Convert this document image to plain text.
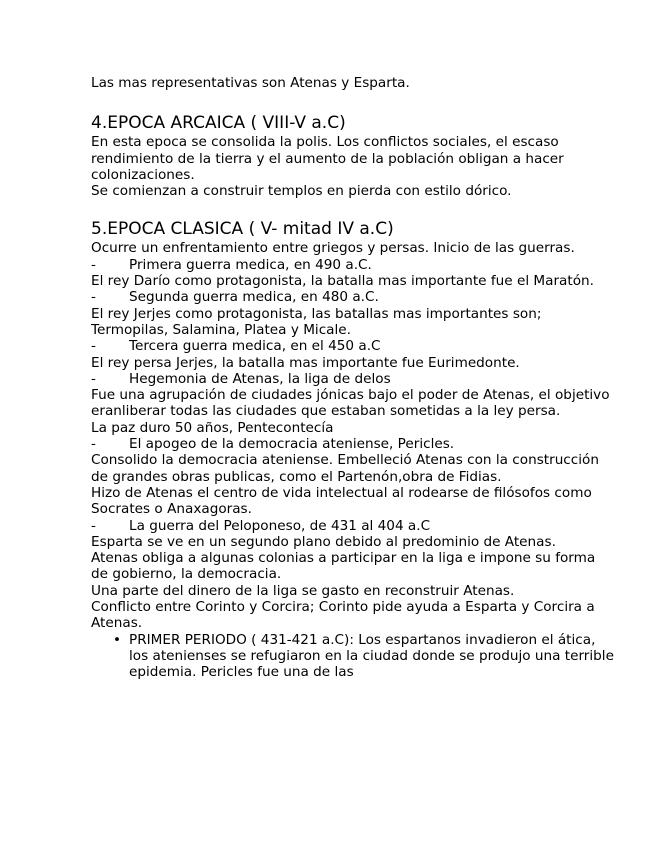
Las mas representativas son Atenas y Esparta.

4.EPOCA ARCAICA ( VIII-V a.C)

En esta epoca se consolida la polis. Los conflictos sociales, el escaso rendimiento de la tierra y el aumento de la población obligan a hacer colonizaciones.

Se comienzan a construir templos en pierda con estilo dórico.

5.EPOCA CLASICA ( V- mitad IV a.C)

Ocurre un enfrentamiento entre griegos y persas. Inicio de las guerras.

-	Primera guerra medica, en 490 a.C.

El rey Darío como protagonista, la batalla mas importante fue el Maratón.

-	Segunda guerra medica, en 480 a.C.

El rey Jerjes como protagonista, las batallas mas importantes son; Termopilas, Salamina, Platea y Micale.

-	Tercera guerra medica, en el 450 a.C

El rey persa Jerjes, la batalla mas importante fue Eurimedonte.

-	Hegemonia de Atenas, la liga de delos

Fue una agrupación de ciudades jónicas bajo el poder de Atenas, el objetivo eranliberar todas las ciudades que estaban sometidas a la ley persa.

La paz duro 50 años, Pentecontecía

-	El apogeo de la democracia ateniense, Pericles.

Consolido la democracia ateniense. Embelleció Atenas con la construcción de grandes obras publicas, como el Partenón,obra de Fidias.

Hizo de Atenas el centro de vida intelectual al rodearse de filósofos como Socrates o Anaxagoras.

-	La guerra del Peloponeso, de 431 al 404 a.C

Esparta se ve en un segundo plano debido al predominio de Atenas.

Atenas obliga a algunas colonias a participar en la liga e impone su forma de gobierno, la democracia.

Una parte del dinero de la liga se gasto en reconstruir Atenas.

Conflicto entre Corinto y Corcira; Corinto pide ayuda a Esparta y Corcira a Atenas.

• PRIMER PERIODO ( 431-421 a.C): Los espartanos invadieron el ática, los atenienses se refugiaron en la ciudad donde se produjo una terrible epidemia. Pericles fue una de las
